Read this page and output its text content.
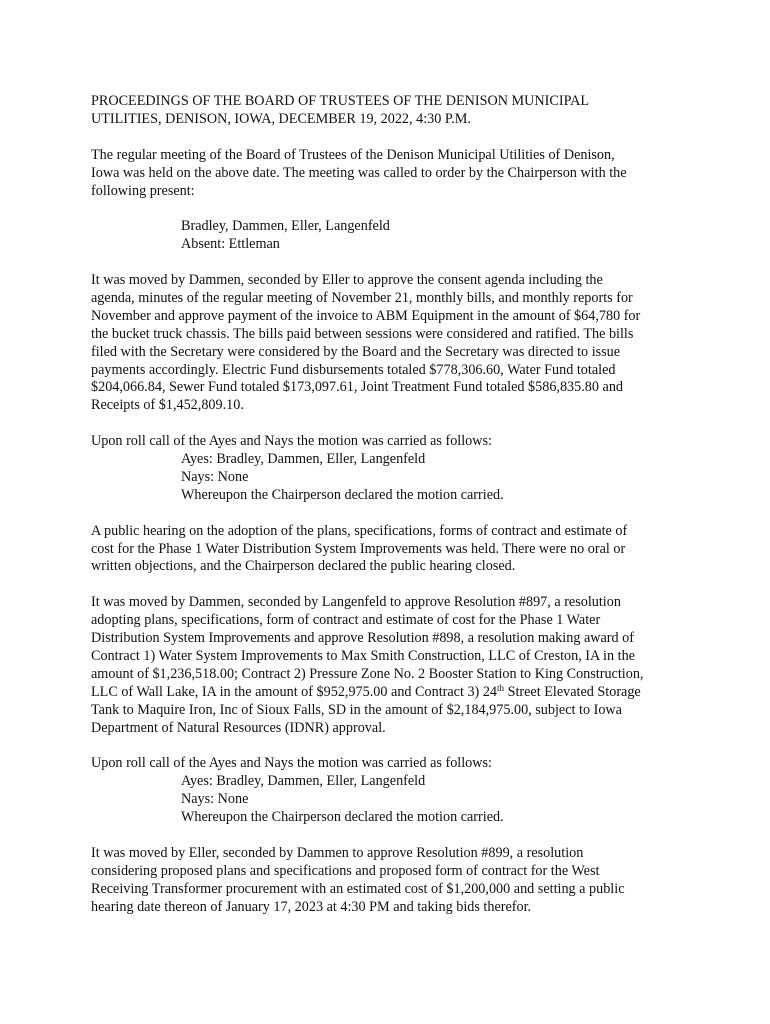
PROCEEDINGS OF THE BOARD OF TRUSTEES OF THE DENISON MUNICIPAL
UTILITIES, DENISON, IOWA, DECEMBER 19, 2022, 4:30 P.M.
The regular meeting of the Board of Trustees of the Denison Municipal Utilities of Denison,
Iowa was held on the above date. The meeting was called to order by the Chairperson with the
following present:
Bradley, Dammen, Eller, Langenfeld
Absent: Ettleman
It was moved by Dammen, seconded by Eller to approve the consent agenda including the
agenda, minutes of the regular meeting of November 21, monthly bills, and monthly reports for
November and approve payment of the invoice to ABM Equipment in the amount of $64,780 for
the bucket truck chassis. The bills paid between sessions were considered and ratified. The bills
filed with the Secretary were considered by the Board and the Secretary was directed to issue
payments accordingly. Electric Fund disbursements totaled $778,306.60, Water Fund totaled
$204,066.84, Sewer Fund totaled $173,097.61, Joint Treatment Fund totaled $586,835.80 and
Receipts of $1,452,809.10.
Upon roll call of the Ayes and Nays the motion was carried as follows:
Ayes: Bradley, Dammen, Eller, Langenfeld
Nays: None
Whereupon the Chairperson declared the motion carried.
A public hearing on the adoption of the plans, specifications, forms of contract and estimate of
cost for the Phase 1 Water Distribution System Improvements was held. There were no oral or
written objections, and the Chairperson declared the public hearing closed.
It was moved by Dammen, seconded by Langenfeld to approve Resolution #897, a resolution
adopting plans, specifications, form of contract and estimate of cost for the Phase 1 Water
Distribution System Improvements and approve Resolution #898, a resolution making award of
Contract 1) Water System Improvements to Max Smith Construction, LLC of Creston, IA in the
amount of $1,236,518.00; Contract 2) Pressure Zone No. 2 Booster Station to King Construction,
LLC of Wall Lake, IA in the amount of $952,975.00 and Contract 3) 24th Street Elevated Storage
Tank to Maquire Iron, Inc of Sioux Falls, SD in the amount of $2,184,975.00, subject to Iowa
Department of Natural Resources (IDNR) approval.
Upon roll call of the Ayes and Nays the motion was carried as follows:
Ayes: Bradley, Dammen, Eller, Langenfeld
Nays: None
Whereupon the Chairperson declared the motion carried.
It was moved by Eller, seconded by Dammen to approve Resolution #899, a resolution
considering proposed plans and specifications and proposed form of contract for the West
Receiving Transformer procurement with an estimated cost of $1,200,000 and setting a public
hearing date thereon of January 17, 2023 at 4:30 PM and taking bids therefor.
